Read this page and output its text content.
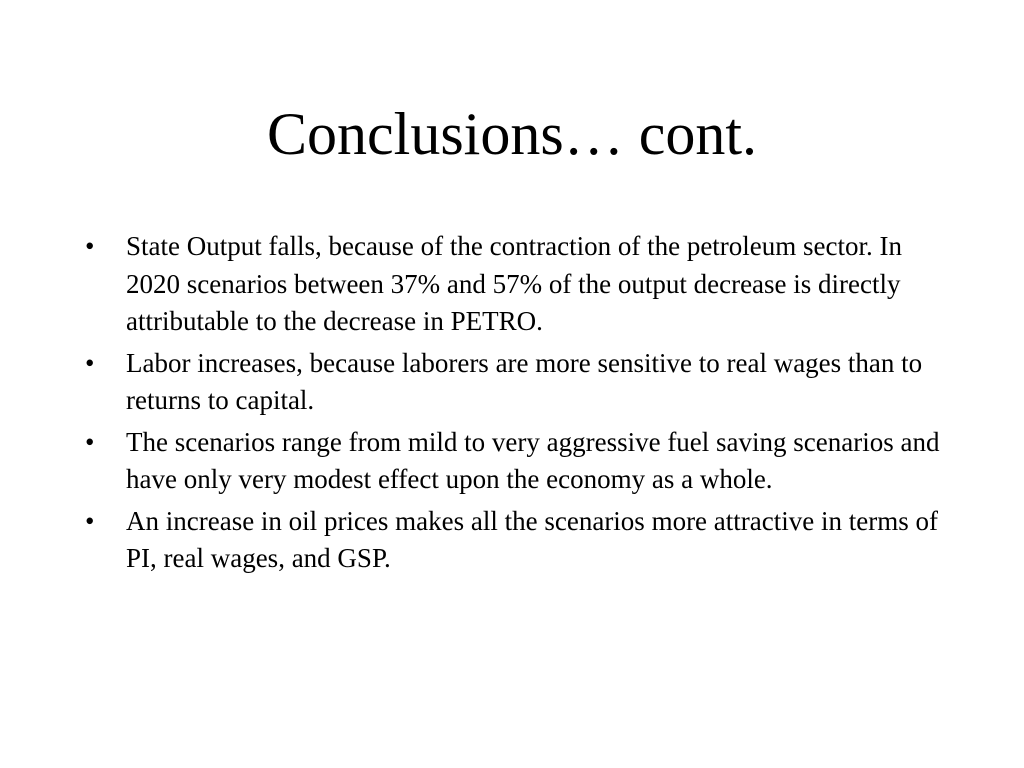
Conclusions… cont.
•	State Output falls, because of the contraction of the petroleum sector. In 2020 scenarios between 37% and 57% of the output decrease is directly attributable to the decrease in PETRO.
•	Labor increases, because laborers are more sensitive to real wages than to returns to capital.
•	The scenarios range from mild to very aggressive fuel saving scenarios and have only very modest effect upon the economy as a whole.
•	An increase in oil prices makes all the scenarios more attractive in terms of PI, real wages, and GSP.
